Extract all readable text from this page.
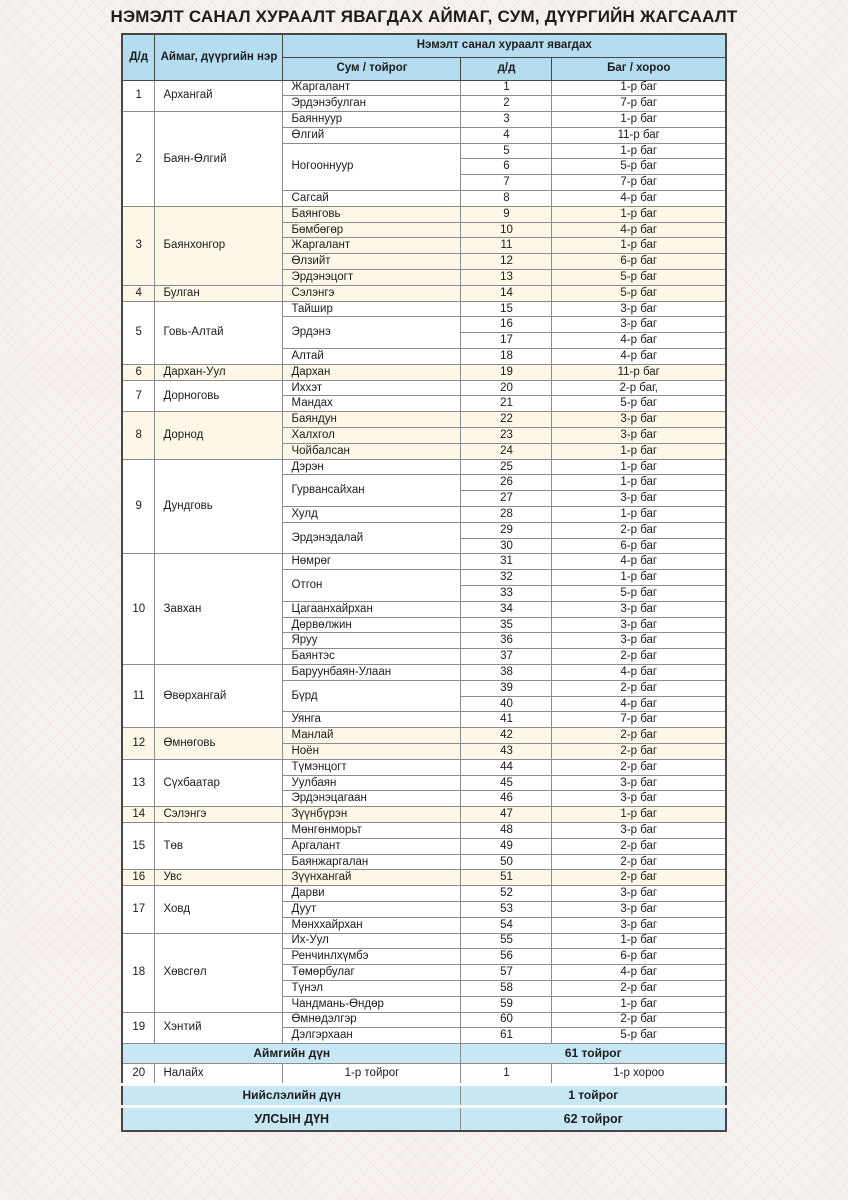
НЭМЭЛТ САНАЛ ХУРААЛТ ЯВАГДАХ АЙМАГ, СУМ, ДҮҮРГИЙН ЖАГСААЛТ
Д/д	Аймаг, дүүргийн нэр	Нэмэлт санал хураалт явагдах		
		Сум / тойрог	д/д	Баг / хороо
1	Архангай	Жаргалант	1	1-р баг
		Эрдэнэбулган	2	7-р баг
2	Баян-Өлгий	Баяннуур	3	1-р баг
		Өлгий	4	11-р баг
		Ногооннуур	5	1-р баг
			6	5-р баг
			7	7-р баг
		Сагсай	8	4-р баг
3	Баянхонгор	Баянговь	9	1-р баг
		Бөмбөгөр	10	4-р баг
		Жаргалант	11	1-р баг
		Өлзийт	12	6-р баг
		Эрдэнэцогт	13	5-р баг
4	Булган	Сэлэнгэ	14	5-р баг
5	Говь-Алтай	Тайшир	15	3-р баг
		Эрдэнэ	16	3-р баг
			17	4-р баг
		Алтай	18	4-р баг
6	Дархан-Уул	Дархан	19	11-р баг
7	Дорноговь	Иххэт	20	2-р баг,
		Мандах	21	5-р баг
8	Дорнод	Баяндун	22	3-р баг
		Халхгол	23	3-р баг
		Чойбалсан	24	1-р баг
9	Дундговь	Дэрэн	25	1-р баг
		Гурвансайхан	26	1-р баг
			27	3-р баг
		Хулд	28	1-р баг
		Эрдэнэдалай	29	2-р баг
			30	6-р баг
10	Завхан	Нөмрөг	31	4-р баг
		Отгон	32	1-р баг
			33	5-р баг
		Цагаанхайрхан	34	3-р баг
		Дөрвөлжин	35	3-р баг
		Яруу	36	3-р баг
		Баянтэс	37	2-р баг
11	Өвөрхангай	Баруунбаян-Улаан	38	4-р баг
		Бүрд	39	2-р баг
			40	4-р баг
		Уянга	41	7-р баг
12	Өмнөговь	Манлай	42	2-р баг
		Ноён	43	2-р баг
13	Сүхбаатар	Түмэнцогт	44	2-р баг
		Уулбаян	45	3-р баг
		Эрдэнэцагаан	46	3-р баг
14	Сэлэнгэ	Зүүнбүрэн	47	1-р баг
15	Төв	Мөнгөнморьт	48	3-р баг
		Аргалант	49	2-р баг
		Баянжаргалан	50	2-р баг
16	Увс	Зүүнхангай	51	2-р баг
17	Ховд	Дарви	52	3-р баг
		Дуут	53	3-р баг
		Мөнххайрхан	54	3-р баг
18	Хөвсгөл	Их-Уул	55	1-р баг
		Ренчинлхүмбэ	56	6-р баг
		Төмөрбулаг	57	4-р баг
		Түнэл	58	2-р баг
		Чандмань-Өндөр	59	1-р баг
19	Хэнтий	Өмнөдэлгэр	60	2-р баг
		Дэлгэрхаан	61	5-р баг
Аймгийн дүн			61 тойрог	
20	Налайх	1-р тойрог	1	1-р хороо
Нийслэлийн дүн			1 тойрог	
УЛСЫН ДҮН			62 тойрог	
